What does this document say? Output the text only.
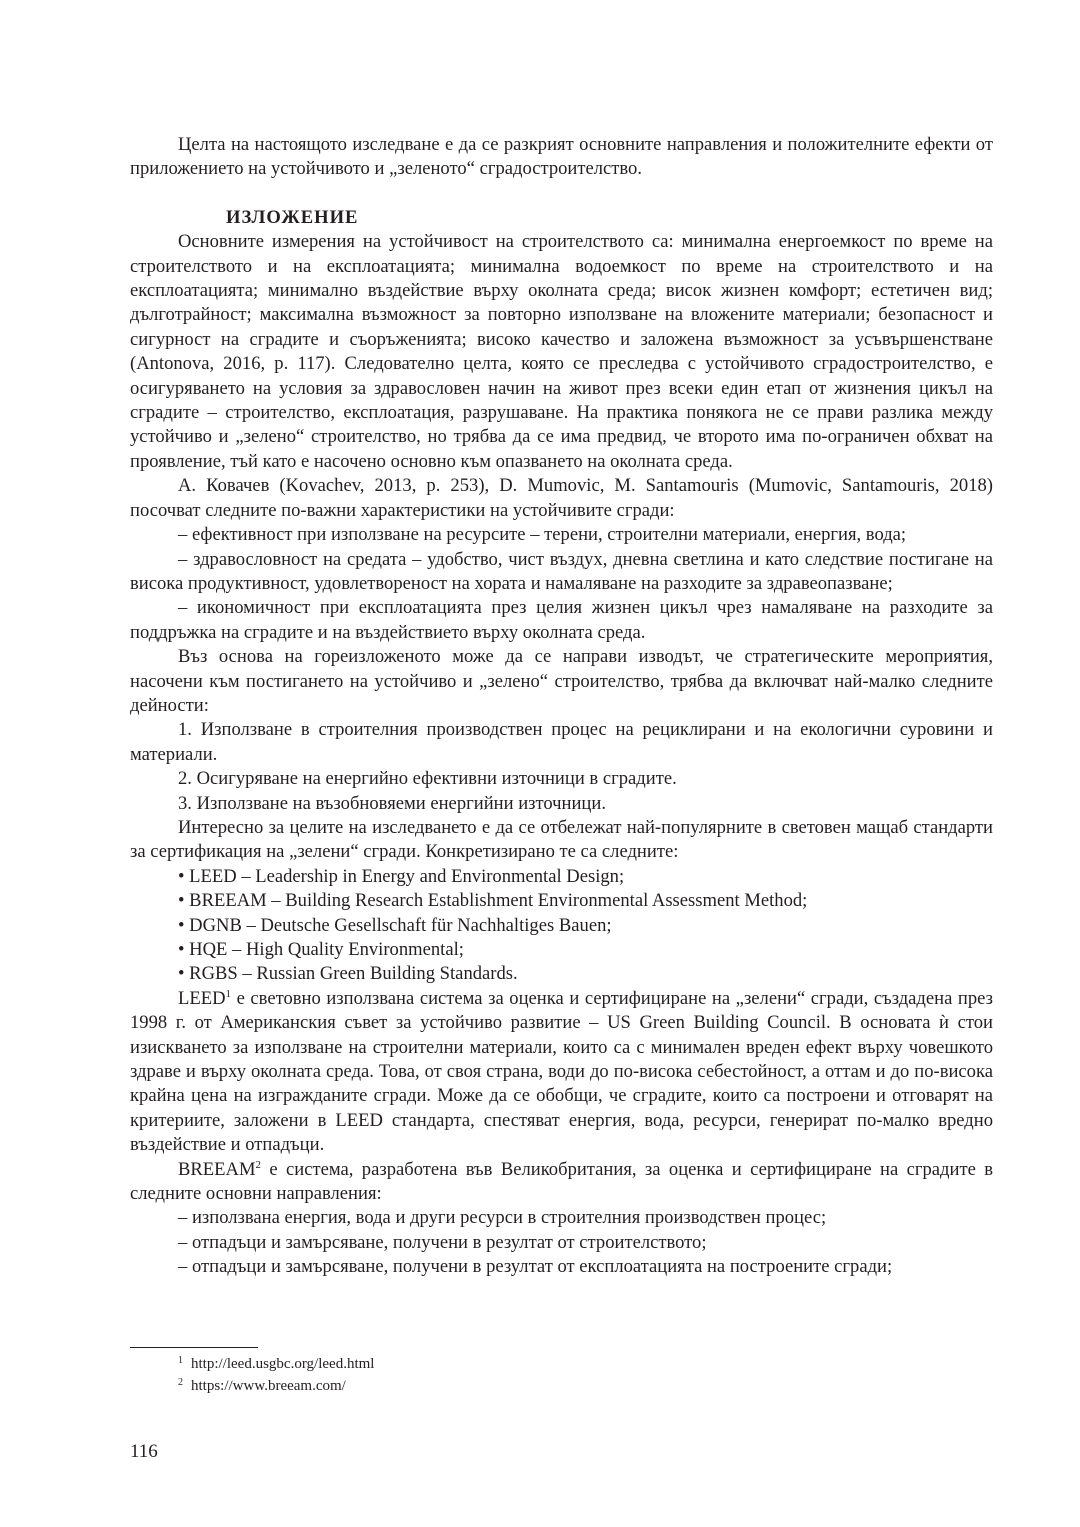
Целта на настоящото изследване е да се разкрият основните направления и положителните ефекти от приложението на устойчивото и „зеленото“ сградостроителство.

ИЗЛОЖЕНИЕ

Основните измерения на устойчивост на строителството са: минимална енергоемкост по време на строителството и на експлоатацията; минимална водоемкост по време на строителството и на експлоатацията; минимално въздействие върху околната среда; висок жизнен комфорт; естетичен вид; дълготрайност; максимална възможност за повторно използване на вложените материали; безопасност и сигурност на сградите и съоръженията; високо качество и заложена възможност за усъвършенстване (Antonova, 2016, p. 117). Следователно целта, която се преследва с устойчивото сградостроителство, е осигуряването на условия за здравословен начин на живот през всеки един етап от жизнения цикъл на сградите – строителство, експлоатация, разрушаване. На практика понякога не се прави разлика между устойчиво и „зелено“ строителство, но трябва да се има предвид, че второто има по-ограничен обхват на проявление, тъй като е насочено основно към опазването на околната среда.

А. Ковачев (Kovachev, 2013, p. 253), D. Mumovic, M. Santamouris (Mumovic, Santamouris, 2018) посочват следните по-важни характеристики на устойчивите сгради:

– ефективност при използване на ресурсите – терени, строителни материали, енергия, вода;

– здравословност на средата – удобство, чист въздух, дневна светлина и като следствие постигане на висока продуктивност, удовлетвореност на хората и намаляване на разходите за здравеопазване;

– икономичност при експлоатацията през целия жизнен цикъл чрез намаляване на разходите за поддръжка на сградите и на въздействието върху околната среда.

Въз основа на гореизложеното може да се направи изводът, че стратегическите мероприятия, насочени към постигането на устойчиво и „зелено“ строителство, трябва да включват най-малко следните дейности:

1. Използване в строителния производствен процес на рециклирани и на екологични суровини и материали.

2. Осигуряване на енергийно ефективни източници в сградите.

3. Използване на възобновяеми енергийни източници.

Интересно за целите на изследването е да се отбележат най-популярните в световен мащаб стандарти за сертификация на „зелени“ сгради. Конкретизирано те са следните:

• LEED – Leadership in Energy and Environmental Design;

• BREEAM – Building Research Establishment Environmental Assessment Method;

• DGNB – Deutsche Gesellschaft für Nachhaltiges Bauen;

• HQE – High Quality Environmental;

• RGBS – Russian Green Building Standards.

LEED$^1$ е световно използвана система за оценка и сертифициране на „зелени“ сгради, създадена през 1998 г. от Американския съвет за устойчиво развитие – US Green Building Council. В основата ѝ стои изискването за използване на строителни материали, които са с минимален вреден ефект върху човешкото здраве и върху околната среда. Това, от своя страна, води до по-висока себестойност, а оттам и до по-висока крайна цена на изгражданите сгради. Може да се обобщи, че сградите, които са построени и отговарят на критериите, заложени в LEED стандарта, спестяват енергия, вода, ресурси, генерират по-малко вредно въздействие и отпадъци.

BREEAM$^2$ е система, разработена във Великобритания, за оценка и сертифициране на сградите в следните основни направления:

– използвана енергия, вода и други ресурси в строителния производствен процес;

– отпадъци и замърсяване, получени в резултат от строителството;

– отпадъци и замърсяване, получени в резултат от експлоатацията на построените сгради;

$^1$ http://leed.usgbc.org/leed.html
$^2$ https://www.breeam.com/
116
